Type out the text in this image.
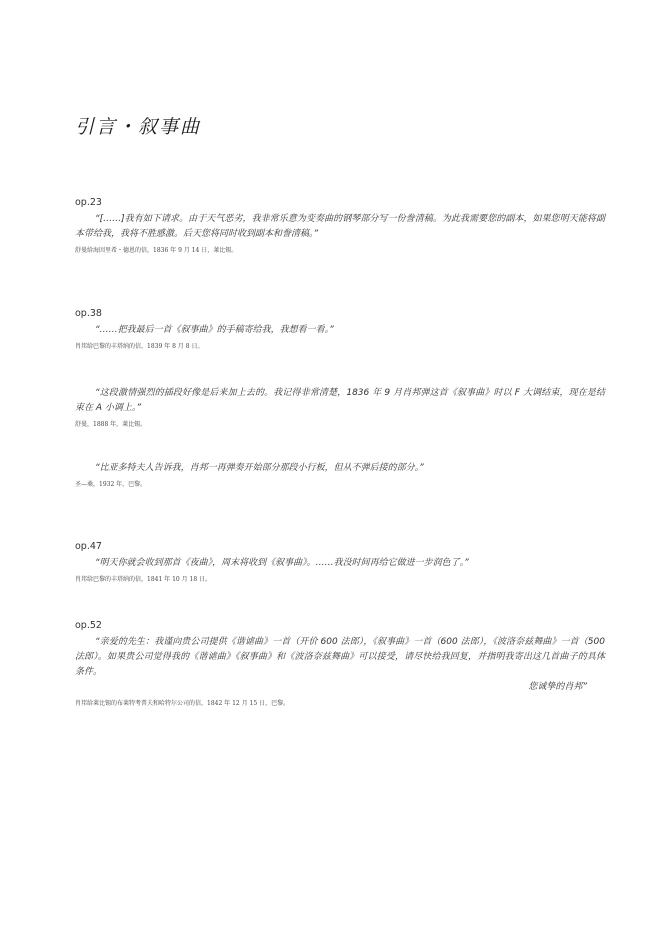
引言・叙事曲

op.23

“[……]我有如下请求。由于天气恶劣，我非常乐意为变奏曲的钢琴部分写一份誊清稿。为此我需要您的副本，如果您明天能将副本带给我，我将不胜感激。后天您将同时收到副本和誊清稿。”

舒曼给海因里希・德恩的信，1836 年 9 月 14 日，莱比锡。

op.38

“……把我最后一首《叙事曲》的手稿寄给我，我想看一看。”

肖邦给巴黎的丰塔纳的信，1839 年 8 月 8 日。

“这段激情强烈的插段好像是后来加上去的。我记得非常清楚，1836 年 9 月肖邦弹这首《叙事曲》时以 F 大调结束，现在是结束在 A 小调上。”

舒曼，1888 年，莱比锡。

“比亚多特夫人告诉我，肖邦一再弹奏开始部分那段小行板，但从不弹后接的部分。”

圣—桑，1932 年，巴黎。

op.47

“明天你就会收到那首《夜曲》，周末将收到《叙事曲》。……我没时间再给它做进一步润色了。”

肖邦给巴黎的丰塔纳的信，1841 年 10 月 18 日。

op.52

“亲爱的先生：我谨向贵公司提供《谐谑曲》一首（开价 600 法郎），《叙事曲》一首（600 法郎），《波洛奈兹舞曲》一首（500 法郎）。如果贵公司觉得我的《谐谑曲》《叙事曲》和《波洛奈兹舞曲》可以接受，请尽快给我回复，并指明我寄出这几首曲子的具体条件。

您诚挚的肖邦”

肖邦给莱比锡的布莱特考普夫和哈特尔公司的信，1842 年 12 月 15 日，巴黎。
